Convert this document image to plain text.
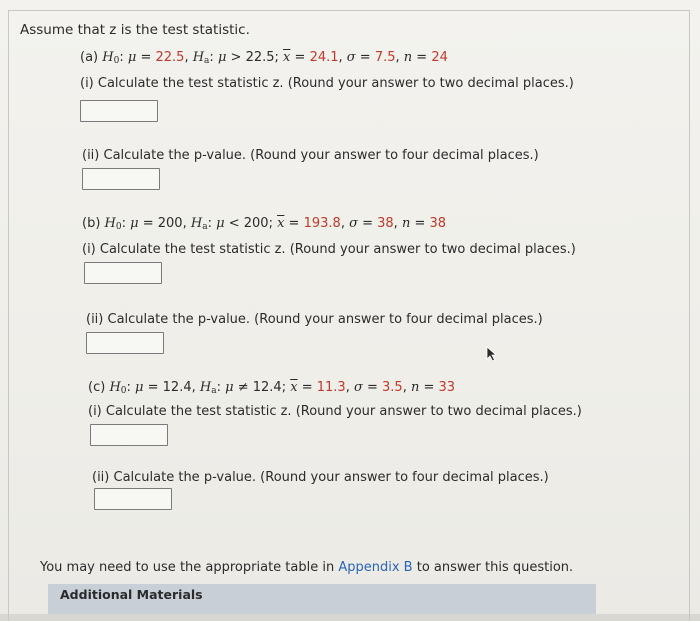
Assume that z is the test statistic.
(a) $H_0$: μ = 22.5, $H_a$: μ > 22.5; $\overline{x} = 24.1$, σ = 7.5, n = 24
(i) Calculate the test statistic z. (Round your answer to two decimal places.)
(ii) Calculate the p-value. (Round your answer to four decimal places.)
(b) $H_0$: μ = 200, $H_a$: μ < 200; $\overline{x} = 193.8$, σ = 38, n = 38
(i) Calculate the test statistic z. (Round your answer to two decimal places.)
(ii) Calculate the p-value. (Round your answer to four decimal places.)
(c) $H_0$: μ = 12.4, $H_a$: μ ≠ 12.4; $\overline{x} = 11.3$, σ = 3.5, n = 33
(i) Calculate the test statistic z. (Round your answer to two decimal places.)
(ii) Calculate the p-value. (Round your answer to four decimal places.)
You may need to use the appropriate table in Appendix B to answer this question.
Additional Materials
